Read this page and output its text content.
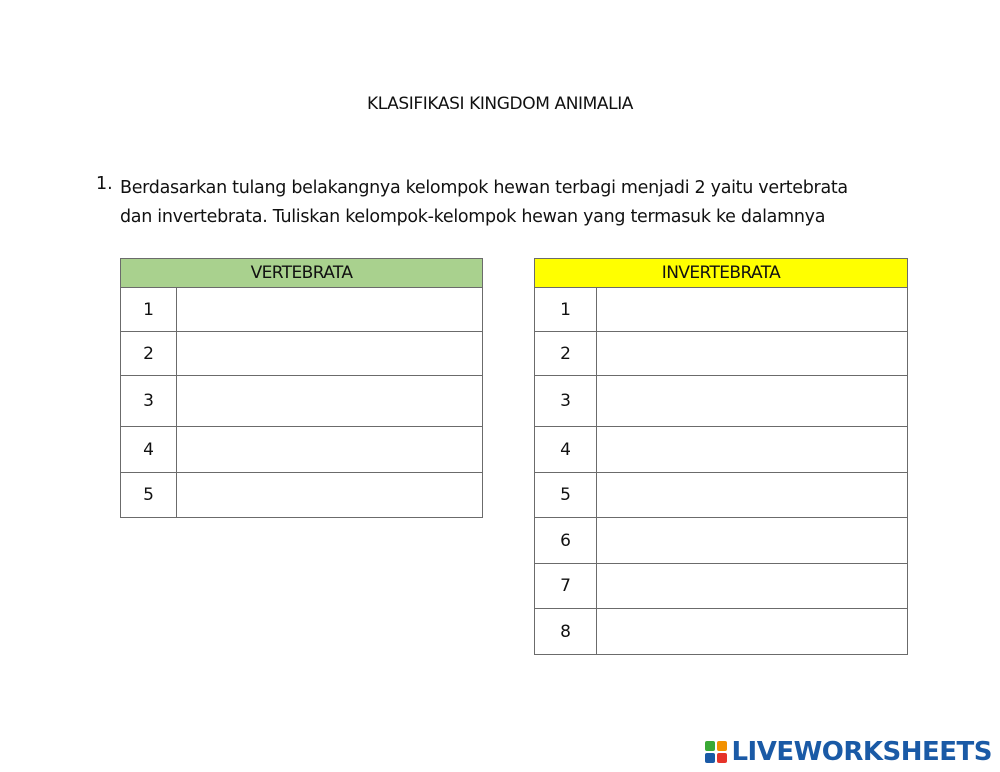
KLASIFIKASI KINGDOM ANIMALIA
1. Berdasarkan tulang belakangnya kelompok hewan terbagi menjadi 2 yaitu vertebrata
dan invertebrata. Tuliskan kelompok-kelompok hewan yang termasuk ke dalamnya
VERTEBRATA	
1	
2	
3	
4	
5	
INVERTEBRATA	
1	
2	
3	
4	
5	
6	
7	
8	
LIVEWORKSHEETS
